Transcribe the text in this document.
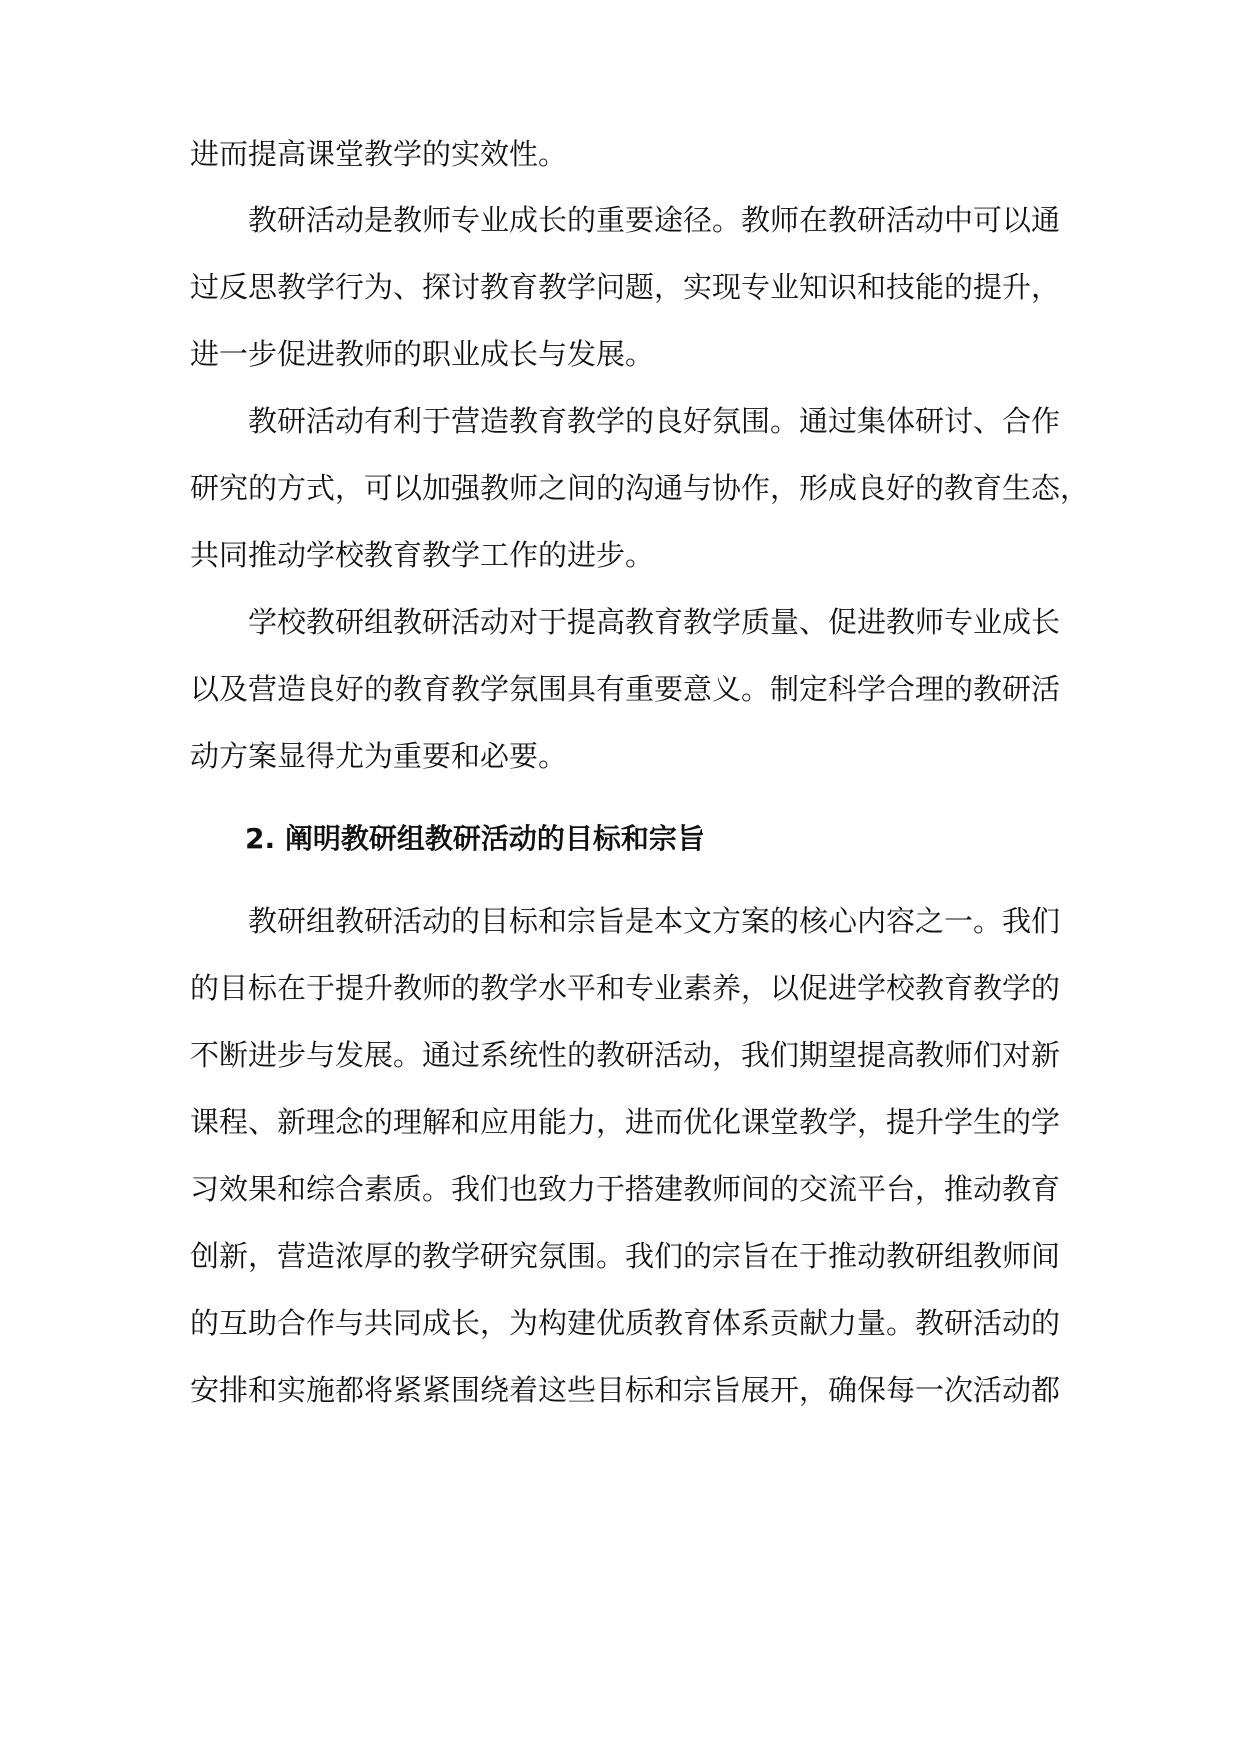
进而提高课堂教学的实效性。
教研活动是教师专业成长的重要途径。教师在教研活动中可以通
过反思教学行为、探讨教育教学问题，实现专业知识和技能的提升，
进一步促进教师的职业成长与发展。
教研活动有利于营造教育教学的良好氛围。通过集体研讨、合作
研究的方式，可以加强教师之间的沟通与协作，形成良好的教育生态，
共同推动学校教育教学工作的进步。
学校教研组教研活动对于提高教育教学质量、促进教师专业成长
以及营造良好的教育教学氛围具有重要意义。制定科学合理的教研活
动方案显得尤为重要和必要。
2. 阐明教研组教研活动的目标和宗旨
教研组教研活动的目标和宗旨是本文方案的核心内容之一。我们
的目标在于提升教师的教学水平和专业素养，以促进学校教育教学的
不断进步与发展。通过系统性的教研活动，我们期望提高教师们对新
课程、新理念的理解和应用能力，进而优化课堂教学，提升学生的学
习效果和综合素质。我们也致力于搭建教师间的交流平台，推动教育
创新，营造浓厚的教学研究氛围。我们的宗旨在于推动教研组教师间
的互助合作与共同成长，为构建优质教育体系贡献力量。教研活动的
安排和实施都将紧紧围绕着这些目标和宗旨展开，确保每一次活动都
